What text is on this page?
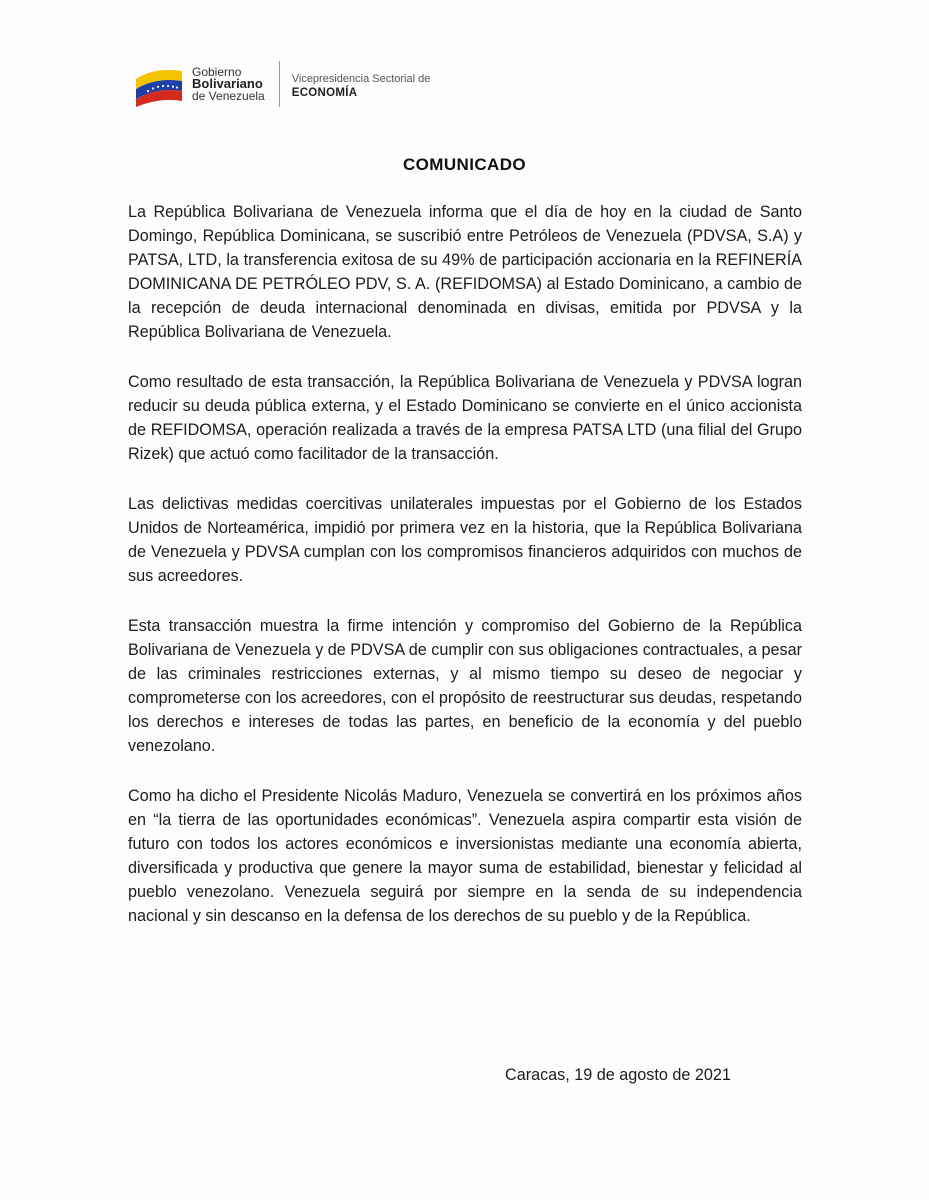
Gobierno
Bolivariano
de Venezuela
Vicepresidencia Sectorial de
ECONOMÍA
COMUNICADO

La República Bolivariana de Venezuela informa que el día de hoy en la ciudad de Santo Domingo, República Dominicana, se suscribió entre Petróleos de Venezuela (PDVSA, S.A) y PATSA, LTD, la transferencia exitosa de su 49% de participación accionaria en la REFINERÍA DOMINICANA DE PETRÓLEO PDV, S. A. (REFIDOMSA) al Estado Dominicano, a cambio de la recepción de deuda internacional denominada en divisas, emitida por PDVSA y la República Bolivariana de Venezuela.

Como resultado de esta transacción, la República Bolivariana de Venezuela y PDVSA logran reducir su deuda pública externa, y el Estado Dominicano se convierte en el único accionista de REFIDOMSA, operación realizada a través de la empresa PATSA LTD (una filial del Grupo Rizek) que actuó como facilitador de la transacción.

Las delictivas medidas coercitivas unilaterales impuestas por el Gobierno de los Estados Unidos de Norteamérica, impidió por primera vez en la historia, que la República Bolivariana de Venezuela y PDVSA cumplan con los compromisos financieros adquiridos con muchos de sus acreedores.

Esta transacción muestra la firme intención y compromiso del Gobierno de la República Bolivariana de Venezuela y de PDVSA de cumplir con sus obligaciones contractuales, a pesar de las criminales restricciones externas, y al mismo tiempo su deseo de negociar y comprometerse con los acreedores, con el propósito de reestructurar sus deudas, respetando los derechos e intereses de todas las partes, en beneficio de la economía y del pueblo venezolano.

Como ha dicho el Presidente Nicolás Maduro, Venezuela se convertirá en los próximos años en “la tierra de las oportunidades económicas”. Venezuela aspira compartir esta visión de futuro con todos los actores económicos e inversionistas mediante una economía abierta, diversificada y productiva que genere la mayor suma de estabilidad, bienestar y felicidad al pueblo venezolano. Venezuela seguirá por siempre en la senda de su independencia nacional y sin descanso en la defensa de los derechos de su pueblo y de la República.

Caracas, 19 de agosto de 2021
